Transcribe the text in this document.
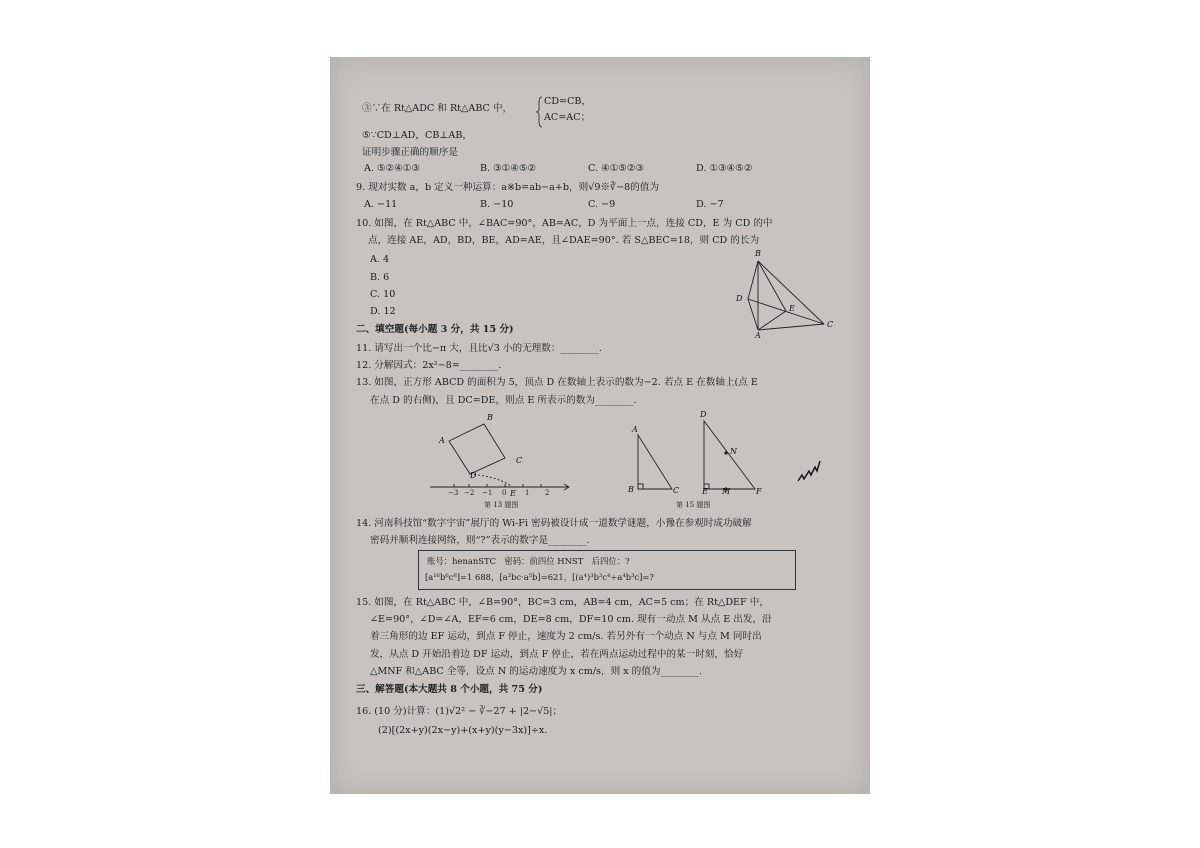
③∵在 Rt△ADC 和 Rt△ABC 中，
CD=CB，
AC=AC；
⑤∵CD⊥AD，CB⊥AB，
证明步骤正确的顺序是
A. ⑤②④①③	B. ③①④⑤②	C. ④①⑤②③	D. ①③④⑤②
9. 现对实数 a，b 定义一种运算：a※b=ab−a+b，则√9※∛−8的值为
A. −11	B. −10	C. −9	D. −7
10. 如图，在 Rt△ABC 中，∠BAC=90°，AB=AC，D 为平面上一点，连接 CD，E 为 CD 的中
点，连接 AE，AD，BD，BE，AD=AE，且∠DAE=90°. 若 S△BEC=18，则 CD 的长为
A. 4
B. 6
C. 10
D. 12
B
D
E
A
C
二、填空题(每小题 3 分，共 15 分)
11. 请写出一个比−π 大，且比√3 小的无理数：________.
12. 分解因式：2x²−8=________.
13. 如图，正方形 ABCD 的面积为 5，顶点 D 在数轴上表示的数为−2. 若点 E 在数轴上(点 E
在点 D 的右侧)，且 DC=DE，则点 E 所表示的数为________.
B
A
C
D
E
−3 −2 −1 0	1 2
第 13 题图
A
B	C
D
N
E M	F
第 15 题图
14. 河南科技馆“数字宇宙”展厅的 Wi-Fi 密码被设计成一道数学谜题，小豫在参观时成功破解
密码并顺利连接网络，则“?”表示的数字是________.
账号：henanSTC　密码：前四位 HNST　后四位：?
[a¹⁶b⁶c⁸]=1 688，[a³bc·a⁵b]=621，[(a⁴)³b³c⁴÷a⁴b³c]=?
15. 如图，在 Rt△ABC 中，∠B=90°，BC=3 cm，AB=4 cm，AC=5 cm；在 Rt△DEF 中，
∠E=90°，∠D=∠A，EF=6 cm，DE=8 cm，DF=10 cm. 现有一动点 M 从点 E 出发，沿
着三角形的边 EF 运动，到点 F 停止，速度为 2 cm/s. 若另外有一个动点 N 与点 M 同时出
发，从点 D 开始沿着边 DF 运动，到点 F 停止，若在两点运动过程中的某一时刻，恰好
△MNF 和△ABC 全等，设点 N 的运动速度为 x cm/s，则 x 的值为________.
三、解答题(本大题共 8 个小题，共 75 分)
16. (10 分)计算：(1)√2² − ∛−27 + |2−√5|；
(2)[(2x+y)(2x−y)+(x+y)(y−3x)]÷x.
